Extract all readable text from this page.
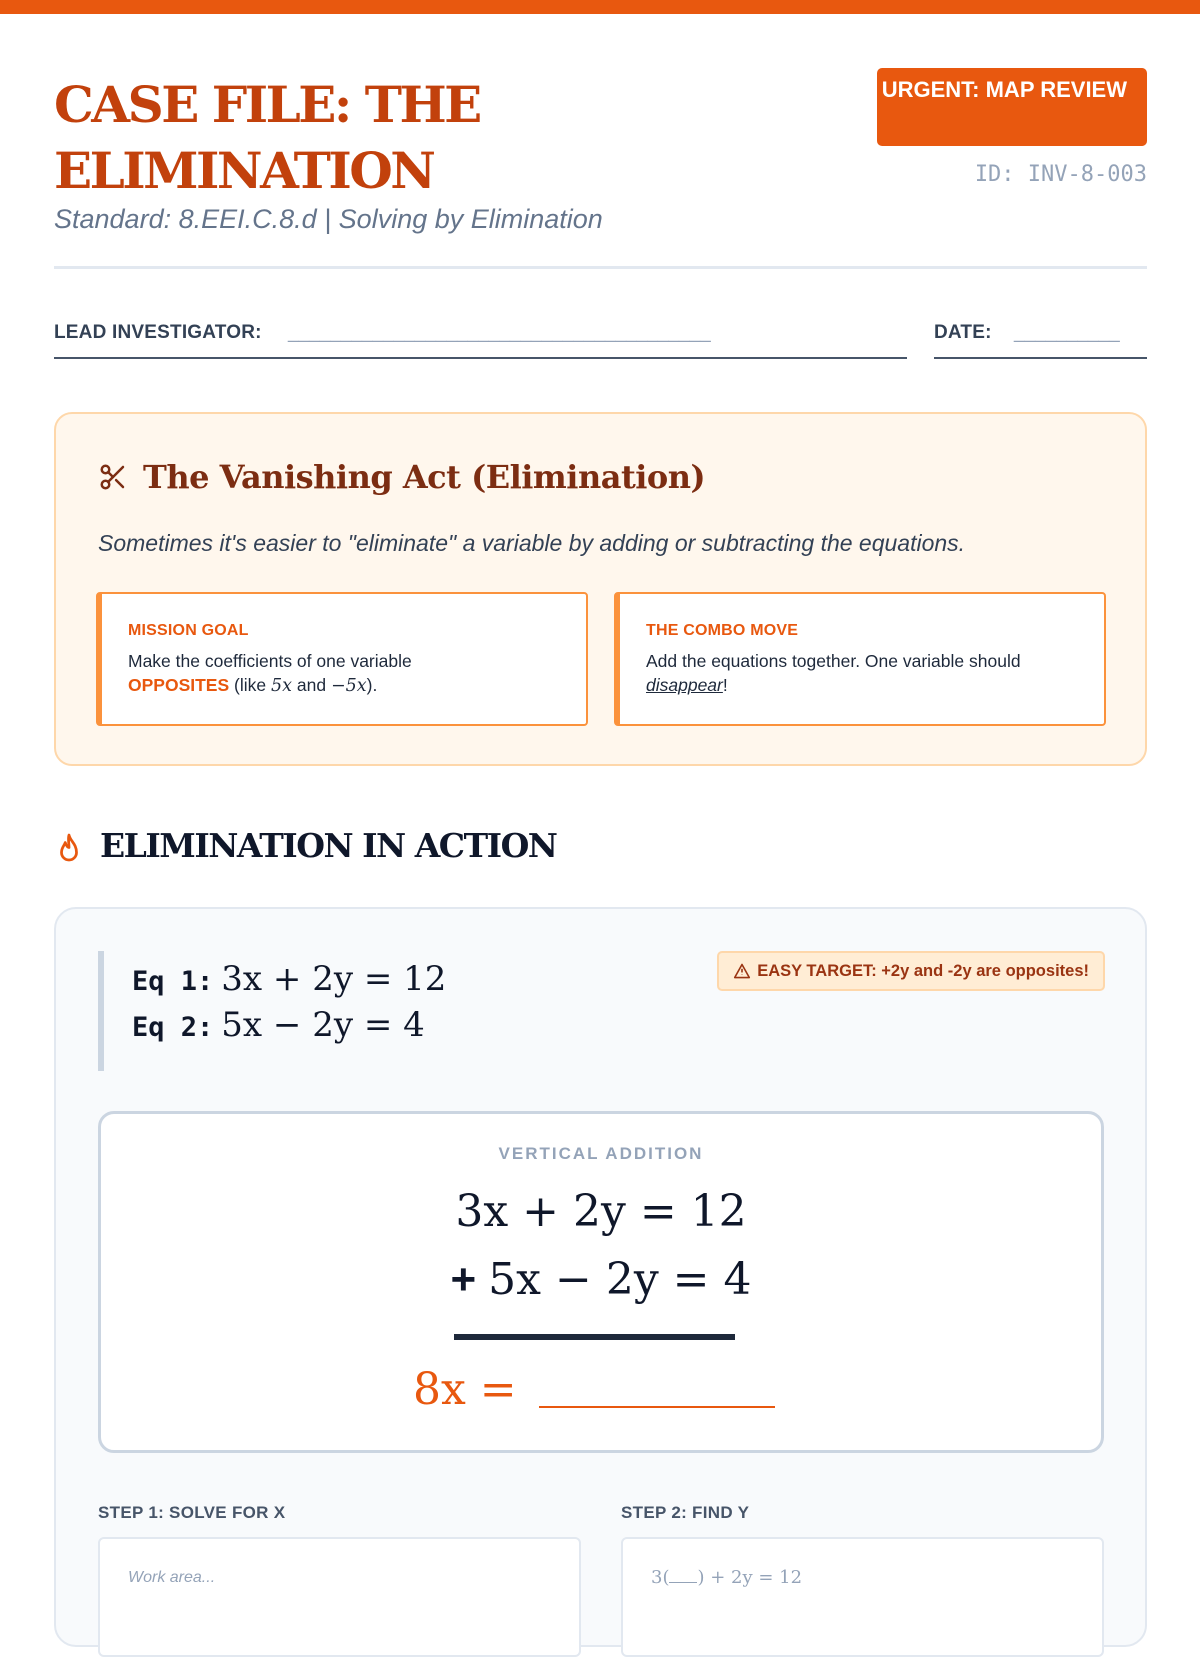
CASE FILE: THE ELIMINATION
Standard: 8.EEI.C.8.d | Solving by Elimination
URGENT: MAP REVIEW
ID: INV-8-003
LEAD INVESTIGATOR: ________________________________________	DATE: __________
The Vanishing Act (Elimination)
Sometimes it's easier to "eliminate" a variable by adding or subtracting the equations.
MISSION GOAL
Make the coefficients of one variable
OPPOSITES (like 5x and −5x).
THE COMBO MOVE
Add the equations together. One variable should
disappear!
ELIMINATION IN ACTION
Eq 1: 3x + 2y = 12
Eq 2: 5x − 2y = 4
EASY TARGET: +2y and -2y are opposites!
VERTICAL ADDITION
3x + 2y = 12
+ 5x − 2y = 4
8x =
STEP 1: SOLVE FOR X	STEP 2: FIND Y
Work area...	3( ) + 2y = 12
